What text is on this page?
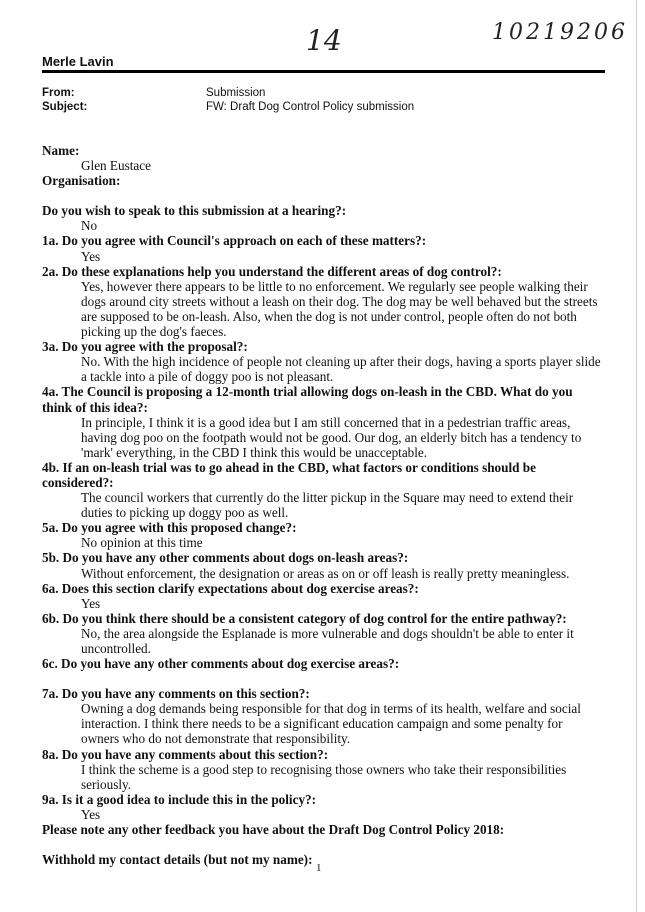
14	10219206
Merle Lavin
From:	Submission
Subject:	FW: Draft Dog Control Policy submission
Name:
Glen Eustace
Organisation:
Do you wish to speak to this submission at a hearing?:
No
1a. Do you agree with Council's approach on each of these matters?:
Yes
2a. Do these explanations help you understand the different areas of dog control?:
Yes, however there appears to be little to no enforcement. We regularly see people walking their dogs around city streets without a leash on their dog. The dog may be well behaved but the streets are supposed to be on-leash. Also, when the dog is not under control, people often do not both picking up the dog's faeces.
3a. Do you agree with the proposal?:
No. With the high incidence of people not cleaning up after their dogs, having a sports player slide a tackle into a pile of doggy poo is not pleasant.
4a. The Council is proposing a 12-month trial allowing dogs on-leash in the CBD. What do you think of this idea?:
In principle, I think it is a good idea but I am still concerned that in a pedestrian traffic areas, having dog poo on the footpath would not be good. Our dog, an elderly bitch has a tendency to 'mark' everything, in the CBD I think this would be unacceptable.
4b. If an on-leash trial was to go ahead in the CBD, what factors or conditions should be considered?:
The council workers that currently do the litter pickup in the Square may need to extend their duties to picking up doggy poo as well.
5a. Do you agree with this proposed change?:
No opinion at this time
5b. Do you have any other comments about dogs on-leash areas?:
Without enforcement, the designation or areas as on or off leash is really pretty meaningless.
6a. Does this section clarify expectations about dog exercise areas?:
Yes
6b. Do you think there should be a consistent category of dog control for the entire pathway?:
No, the area alongside the Esplanade is more vulnerable and dogs shouldn't be able to enter it uncontrolled.
6c. Do you have any other comments about dog exercise areas?:
7a. Do you have any comments on this section?:
Owning a dog demands being responsible for that dog in terms of its health, welfare and social interaction. I think there needs to be a significant education campaign and some penalty for owners who do not demonstrate that responsibility.
8a. Do you have any comments about this section?:
I think the scheme is a good step to recognising those owners who take their responsibilities seriously.
9a. Is it a good idea to include this in the policy?:
Yes
Please note any other feedback you have about the Draft Dog Control Policy 2018:
Withhold my contact details (but not my name):
1
